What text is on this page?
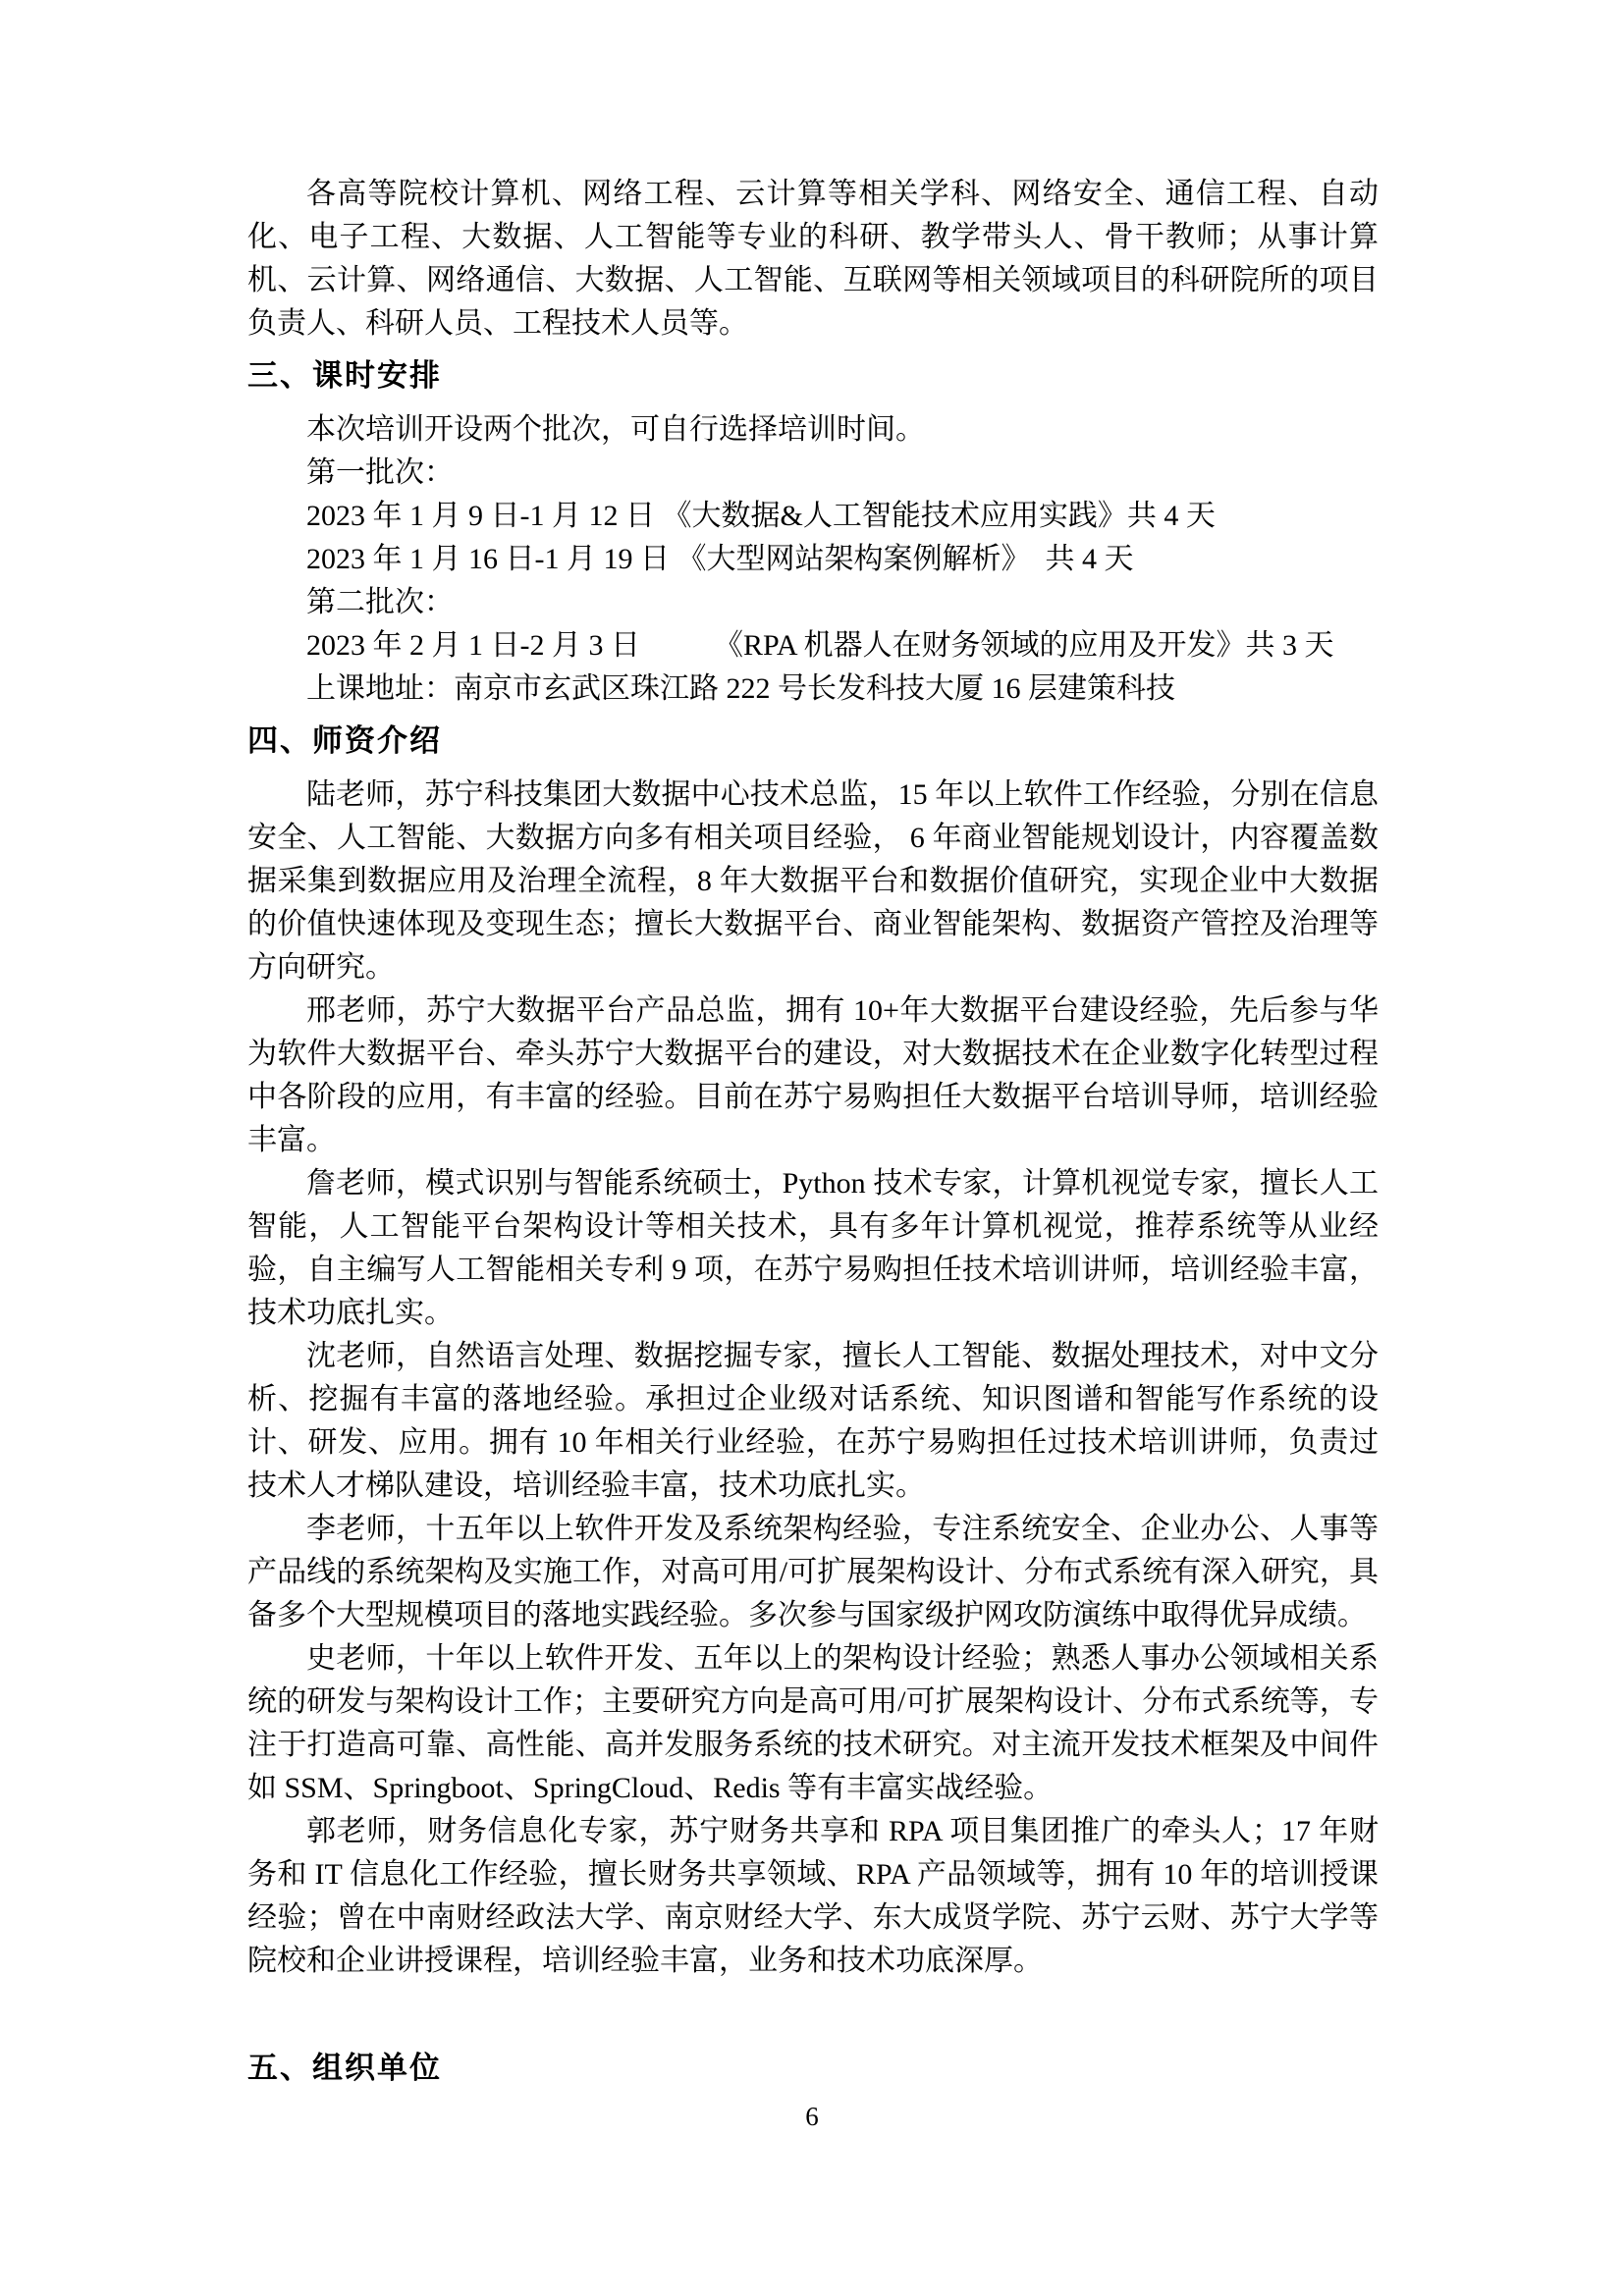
各高等院校计算机、网络工程、云计算等相关学科、网络安全、通信工程、自动化、电子工程、大数据、人工智能等专业的科研、教学带头人、骨干教师；从事计算机、云计算、网络通信、大数据、人工智能、互联网等相关领域项目的科研院所的项目负责人、科研人员、工程技术人员等。

三、课时安排

本次培训开设两个批次，可自行选择培训时间。

第一批次：

2023 年 1 月 9 日-1 月 12 日 《大数据&人工智能技术应用实践》共 4 天

2023 年 1 月 16 日-1 月 19 日 《大型网站架构案例解析》　共 4 天

第二批次：

2023 年 2 月 1 日-2 月 3 日　　　《RPA 机器人在财务领域的应用及开发》共 3 天

上课地址：南京市玄武区珠江路 222 号长发科技大厦 16 层建策科技

四、师资介绍

陆老师，苏宁科技集团大数据中心技术总监，15 年以上软件工作经验，分别在信息安全、人工智能、大数据方向多有相关项目经验， 6 年商业智能规划设计，内容覆盖数据采集到数据应用及治理全流程，8 年大数据平台和数据价值研究，实现企业中大数据的价值快速体现及变现生态；擅长大数据平台、商业智能架构、数据资产管控及治理等方向研究。

邢老师，苏宁大数据平台产品总监，拥有 10+年大数据平台建设经验，先后参与华为软件大数据平台、牵头苏宁大数据平台的建设，对大数据技术在企业数字化转型过程中各阶段的应用，有丰富的经验。目前在苏宁易购担任大数据平台培训导师，培训经验丰富。

詹老师，模式识别与智能系统硕士，Python 技术专家，计算机视觉专家，擅长人工智能，人工智能平台架构设计等相关技术，具有多年计算机视觉，推荐系统等从业经验，自主编写人工智能相关专利 9 项，在苏宁易购担任技术培训讲师，培训经验丰富，技术功底扎实。

沈老师，自然语言处理、数据挖掘专家，擅长人工智能、数据处理技术，对中文分析、挖掘有丰富的落地经验。承担过企业级对话系统、知识图谱和智能写作系统的设计、研发、应用。拥有 10 年相关行业经验，在苏宁易购担任过技术培训讲师，负责过技术人才梯队建设，培训经验丰富，技术功底扎实。

李老师，十五年以上软件开发及系统架构经验，专注系统安全、企业办公、人事等产品线的系统架构及实施工作，对高可用/可扩展架构设计、分布式系统有深入研究，具备多个大型规模项目的落地实践经验。多次参与国家级护网攻防演练中取得优异成绩。

史老师，十年以上软件开发、五年以上的架构设计经验；熟悉人事办公领域相关系统的研发与架构设计工作；主要研究方向是高可用/可扩展架构设计、分布式系统等，专注于打造高可靠、高性能、高并发服务系统的技术研究。对主流开发技术框架及中间件如 SSM、Springboot、SpringCloud、Redis 等有丰富实战经验。

郭老师，财务信息化专家，苏宁财务共享和 RPA 项目集团推广的牵头人；17 年财务和 IT 信息化工作经验，擅长财务共享领域、RPA 产品领域等，拥有 10 年的培训授课经验；曾在中南财经政法大学、南京财经大学、东大成贤学院、苏宁云财、苏宁大学等院校和企业讲授课程，培训经验丰富，业务和技术功底深厚。

五、组织单位
6
